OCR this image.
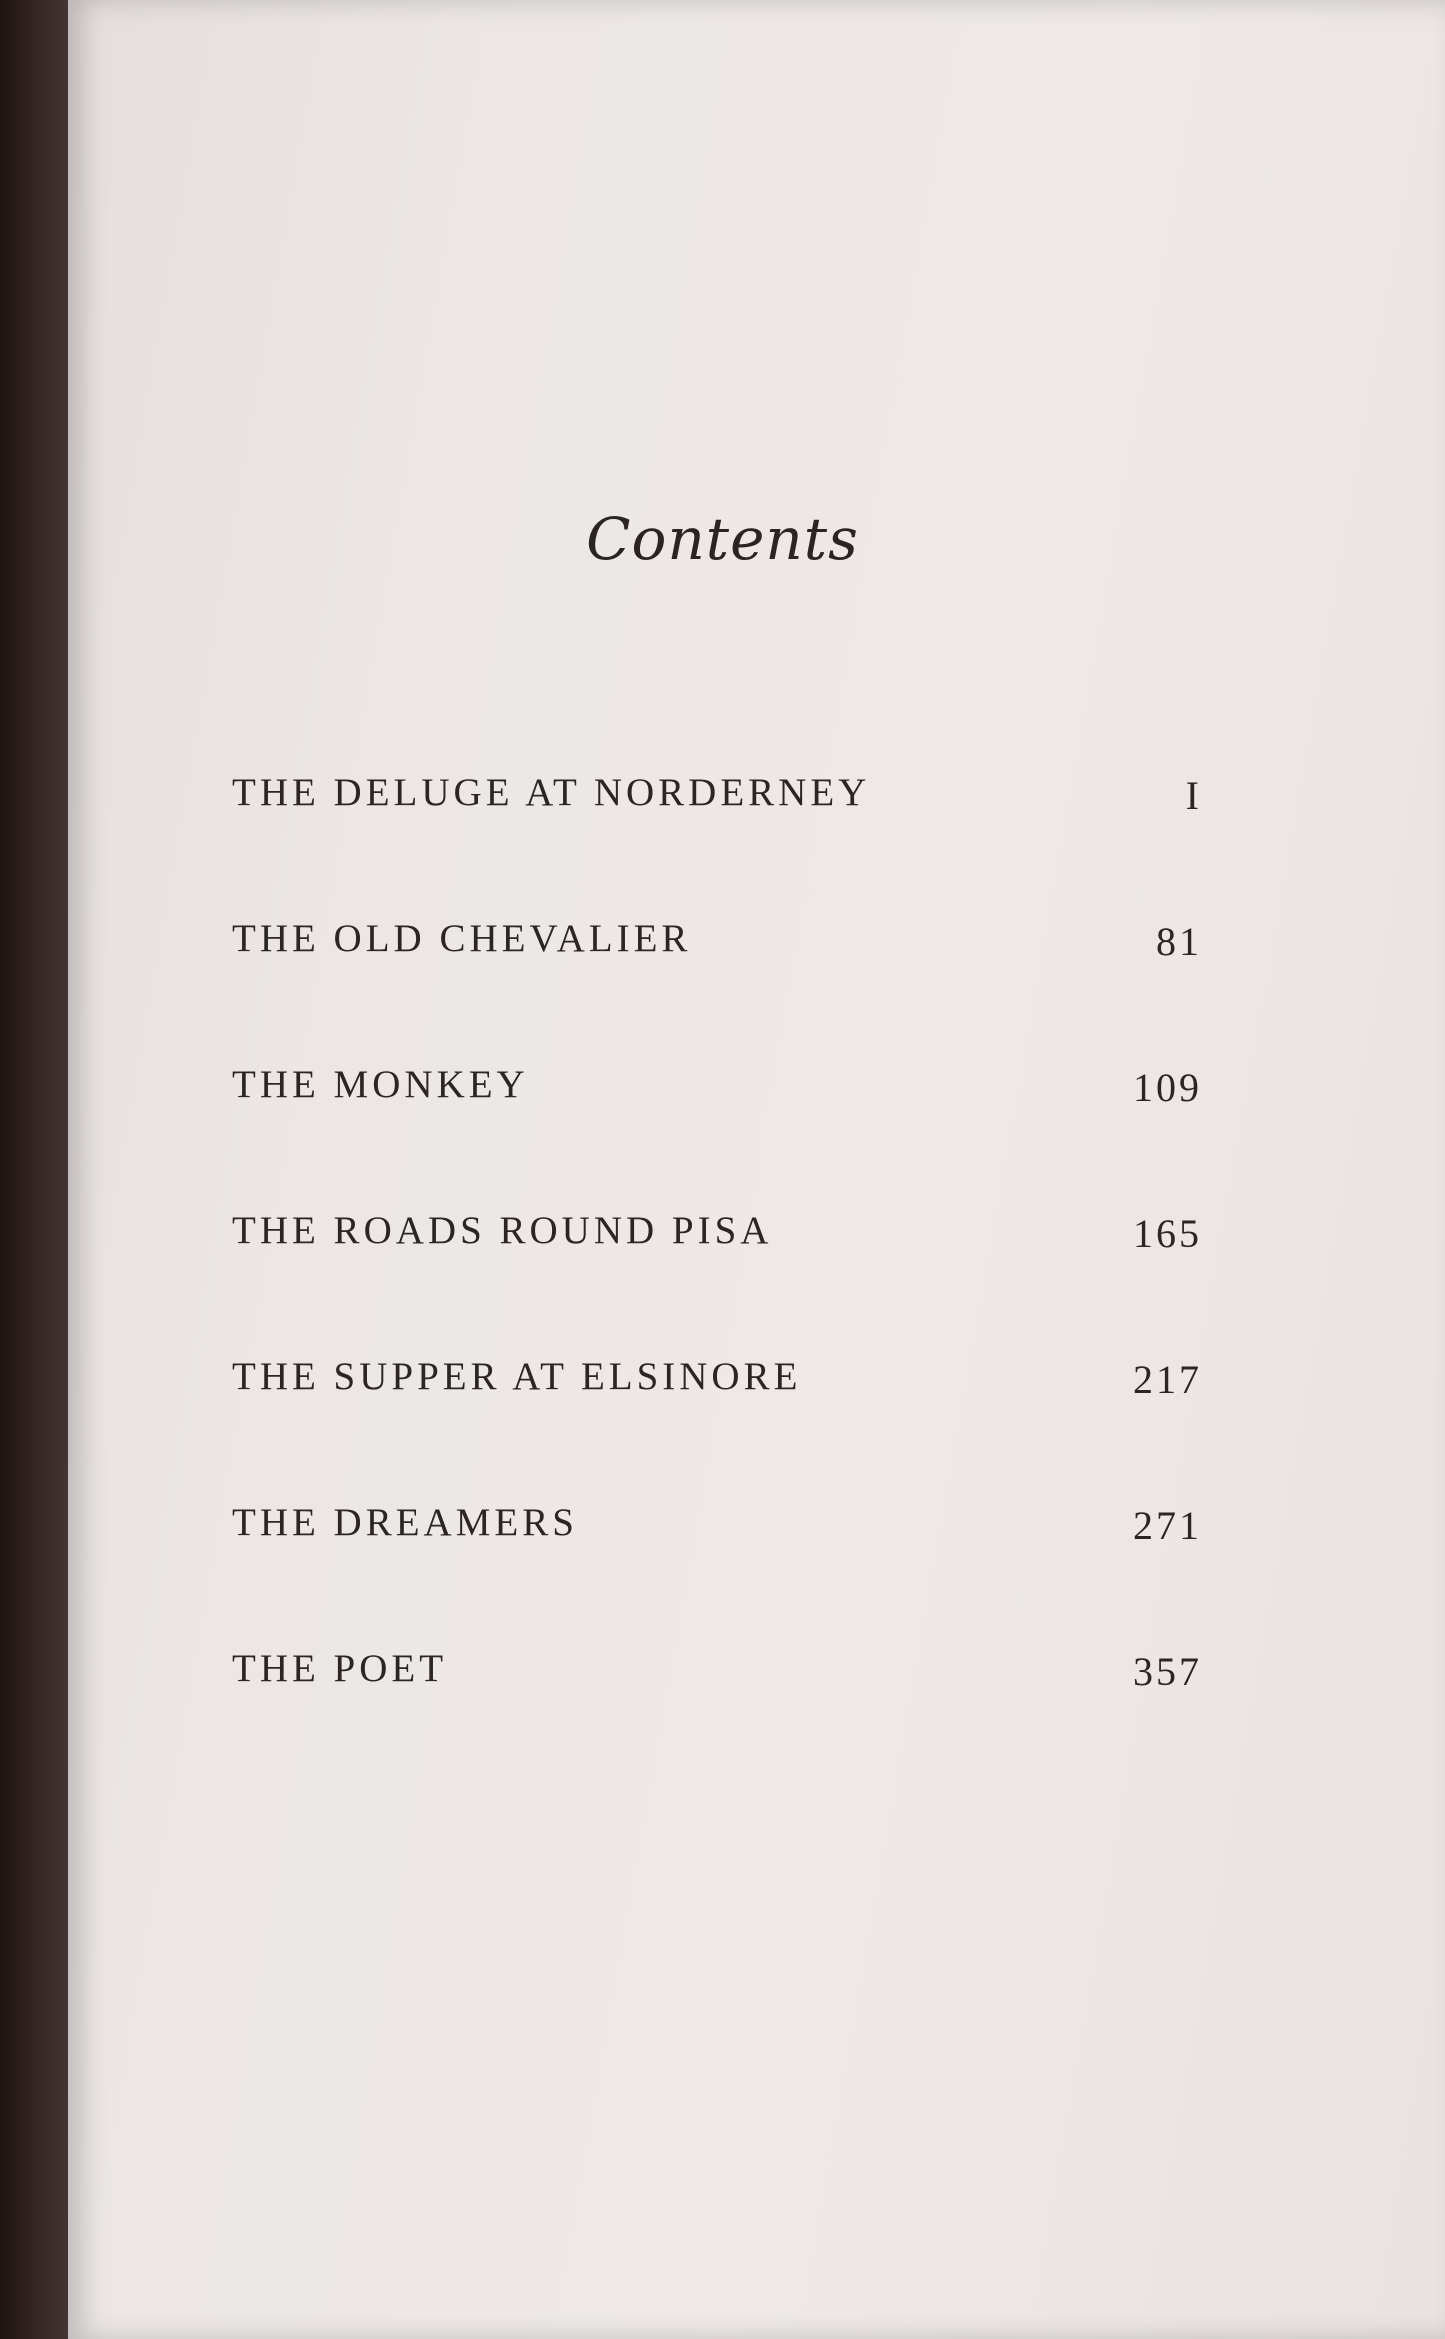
Contents
THE DELUGE AT NORDERNEY	I
THE OLD CHEVALIER	81
THE MONKEY	109
THE ROADS ROUND PISA	165
THE SUPPER AT ELSINORE	217
THE DREAMERS	271
THE POET	357
